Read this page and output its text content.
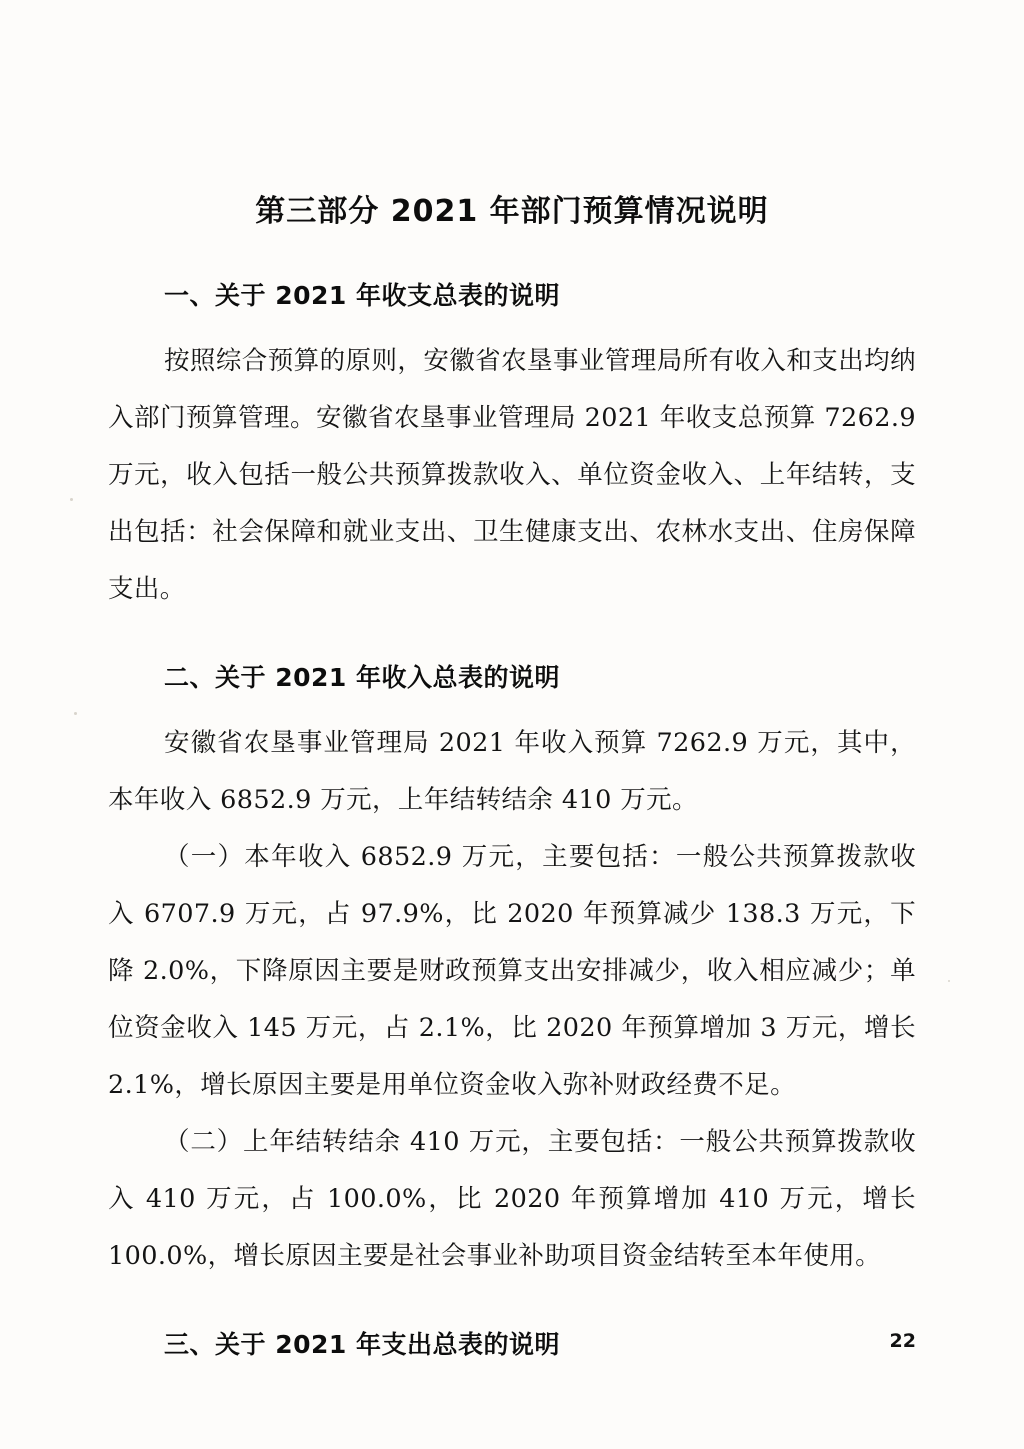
第三部分 2021 年部门预算情况说明
一、关于 2021 年收支总表的说明

按照综合预算的原则，安徽省农垦事业管理局所有收入和支出均纳入部门预算管理。安徽省农垦事业管理局 2021 年收支总预算 7262.9 万元，收入包括一般公共预算拨款收入、单位资金收入、上年结转，支出包括：社会保障和就业支出、卫生健康支出、农林水支出、住房保障支出。

二、关于 2021 年收入总表的说明

安徽省农垦事业管理局 2021 年收入预算 7262.9 万元，其中，本年收入 6852.9 万元，上年结转结余 410 万元。

（一）本年收入 6852.9 万元，主要包括：一般公共预算拨款收入 6707.9 万元，占 97.9%，比 2020 年预算减少 138.3 万元，下降 2.0%，下降原因主要是财政预算支出安排减少，收入相应减少；单位资金收入 145 万元，占 2.1%，比 2020 年预算增加 3 万元，增长 2.1%，增长原因主要是用单位资金收入弥补财政经费不足。

（二）上年结转结余 410 万元，主要包括：一般公共预算拨款收入 410 万元，占 100.0%，比 2020 年预算增加 410 万元，增长 100.0%，增长原因主要是社会事业补助项目资金结转至本年使用。

三、关于 2021 年支出总表的说明	22
